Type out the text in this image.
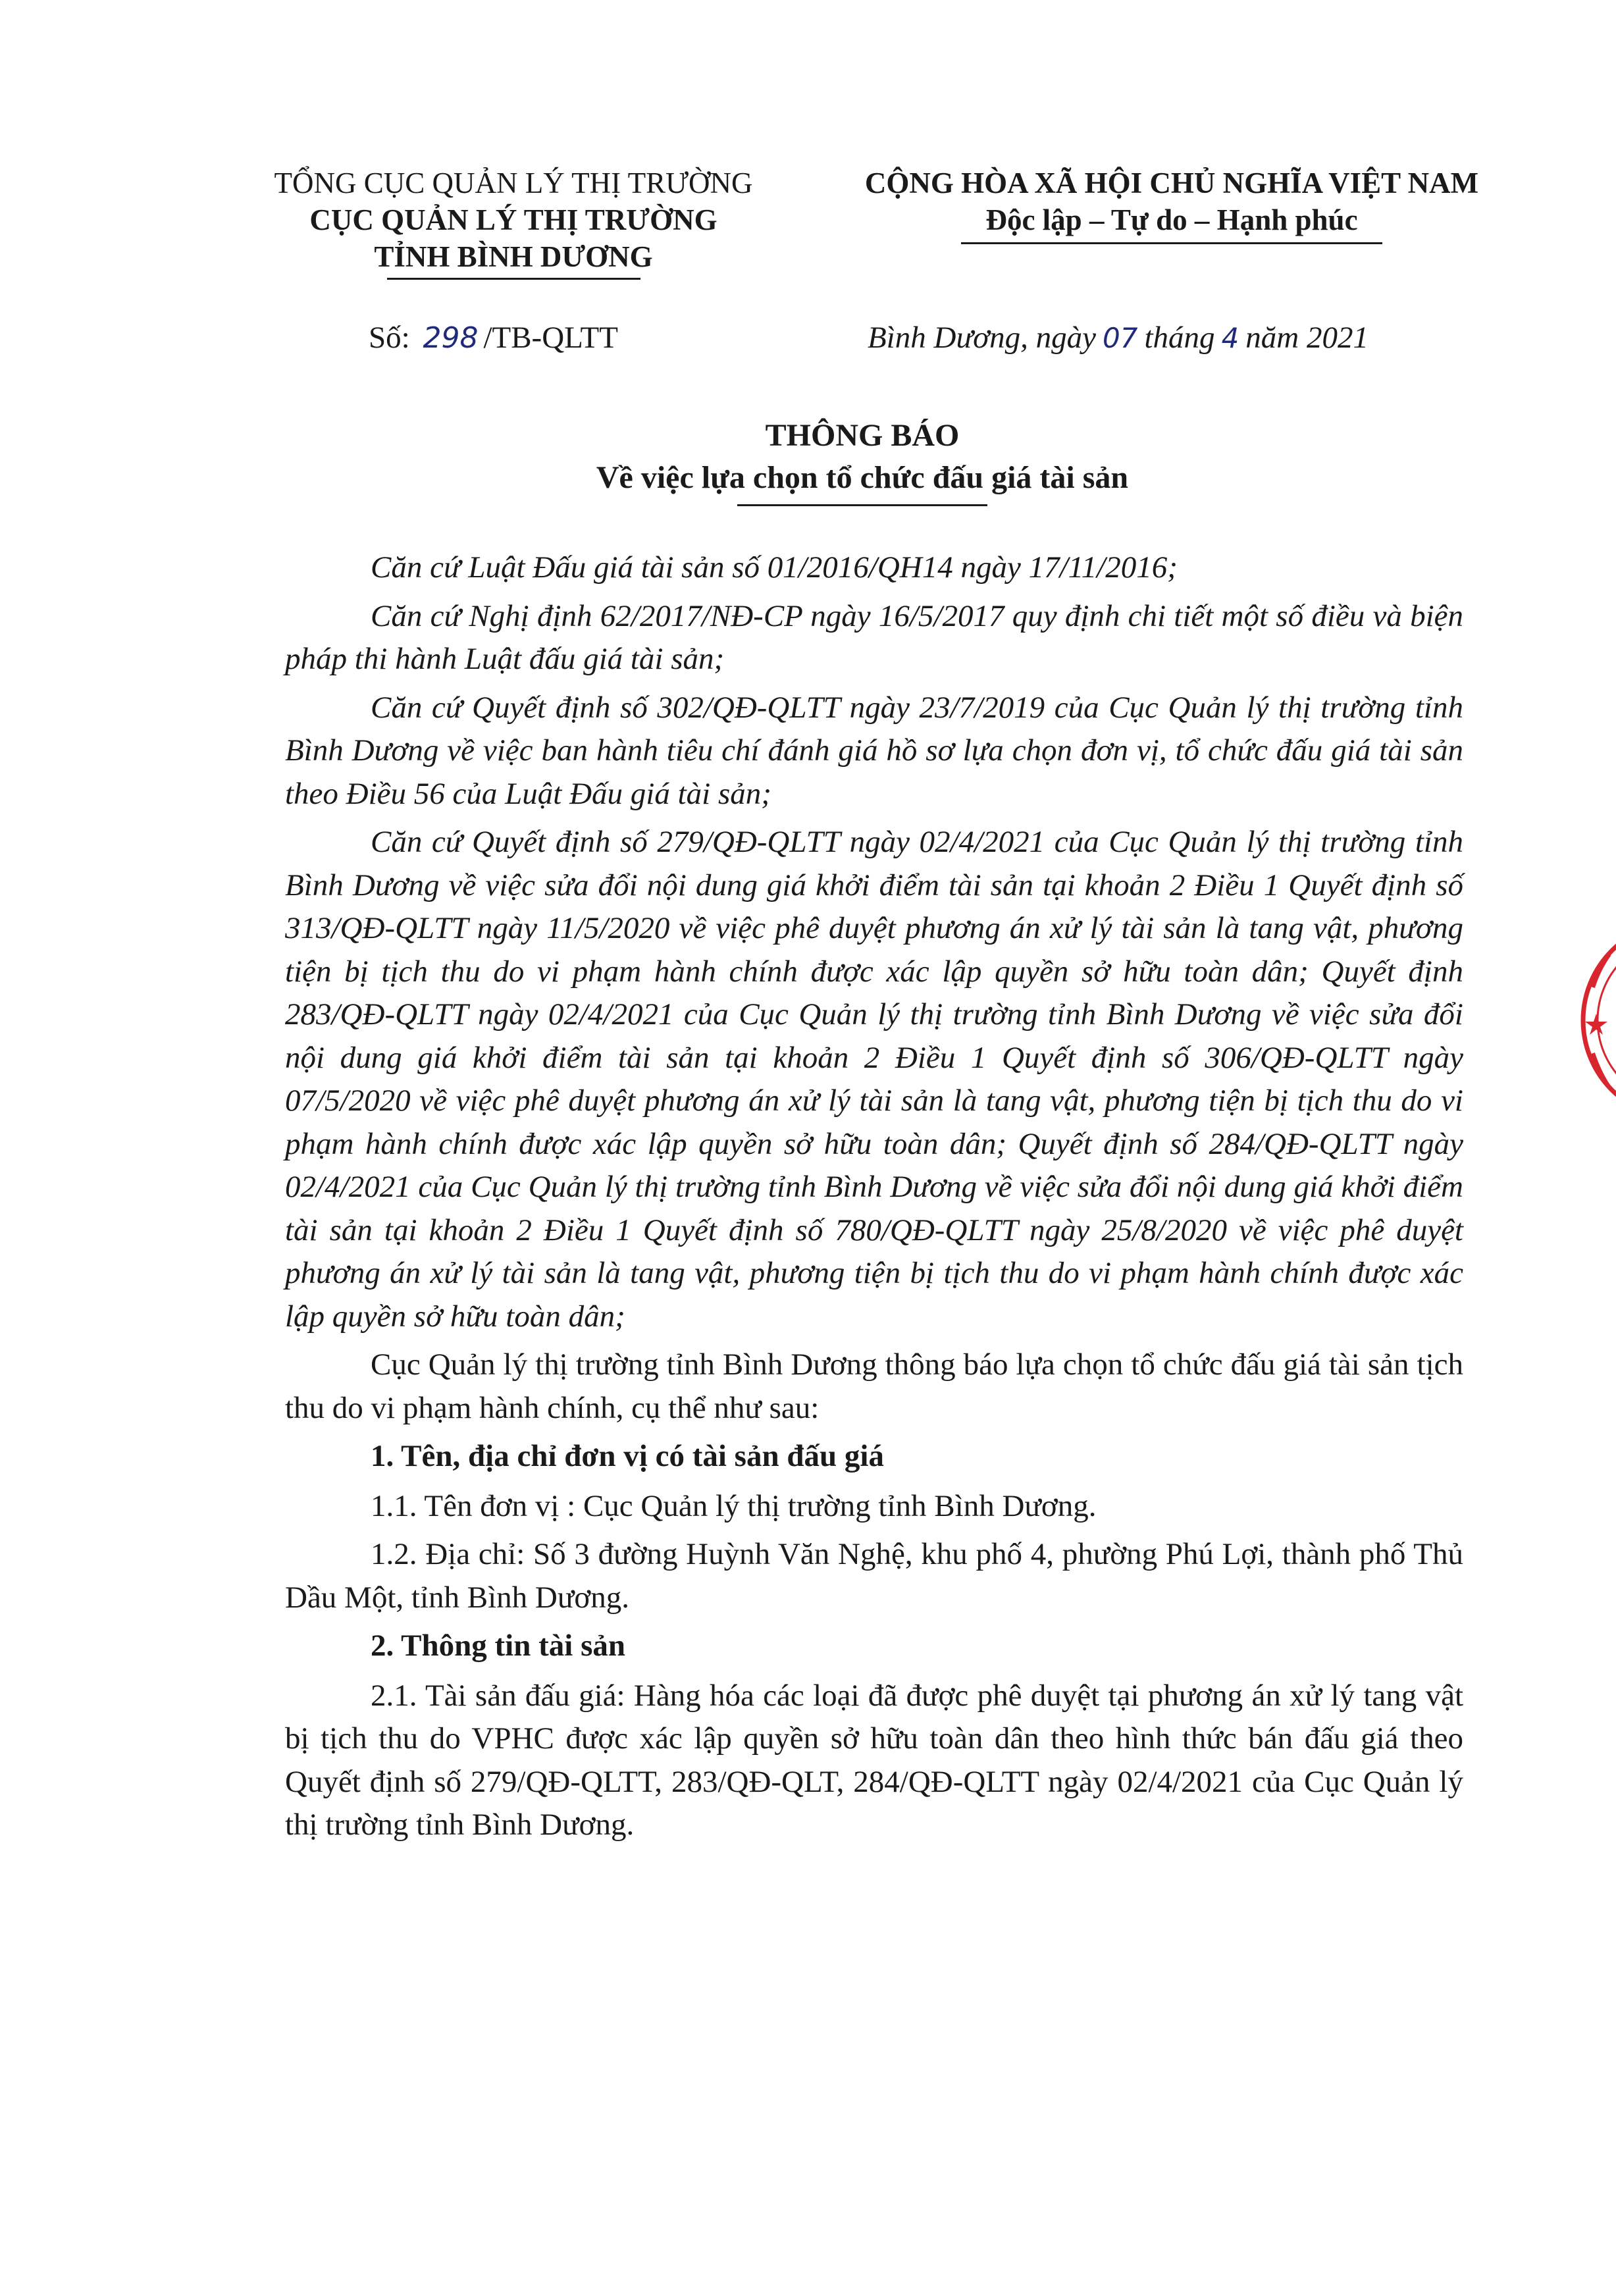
TỔNG CỤC QUẢN LÝ THỊ TRƯỜNG
CỤC QUẢN LÝ THỊ TRƯỜNG
TỈNH BÌNH DƯƠNG
CỘNG HÒA XÃ HỘI CHỦ NGHĨA VIỆT NAM
Độc lập – Tự do – Hạnh phúc
Số: 298 /TB-QLTT	Bình Dương, ngày 07 tháng 4 năm 2021
THÔNG BÁO
Về việc lựa chọn tổ chức đấu giá tài sản

Căn cứ Luật Đấu giá tài sản số 01/2016/QH14 ngày 17/11/2016;

Căn cứ Nghị định 62/2017/NĐ-CP ngày 16/5/2017 quy định chi tiết một số điều và biện pháp thi hành Luật đấu giá tài sản;

Căn cứ Quyết định số 302/QĐ-QLTT ngày 23/7/2019 của Cục Quản lý thị trường tỉnh Bình Dương về việc ban hành tiêu chí đánh giá hồ sơ lựa chọn đơn vị, tổ chức đấu giá tài sản theo Điều 56 của Luật Đấu giá tài sản;

Căn cứ Quyết định số 279/QĐ-QLTT ngày 02/4/2021 của Cục Quản lý thị trường tỉnh Bình Dương về việc sửa đổi nội dung giá khởi điểm tài sản tại khoản 2 Điều 1 Quyết định số 313/QĐ-QLTT ngày 11/5/2020 về việc phê duyệt phương án xử lý tài sản là tang vật, phương tiện bị tịch thu do vi phạm hành chính được xác lập quyền sở hữu toàn dân; Quyết định 283/QĐ-QLTT ngày 02/4/2021 của Cục Quản lý thị trường tỉnh Bình Dương về việc sửa đổi nội dung giá khởi điểm tài sản tại khoản 2 Điều 1 Quyết định số 306/QĐ-QLTT ngày 07/5/2020 về việc phê duyệt phương án xử lý tài sản là tang vật, phương tiện bị tịch thu do vi phạm hành chính được xác lập quyền sở hữu toàn dân; Quyết định số 284/QĐ-QLTT ngày 02/4/2021 của Cục Quản lý thị trường tỉnh Bình Dương về việc sửa đổi nội dung giá khởi điểm tài sản tại khoản 2 Điều 1 Quyết định số 780/QĐ-QLTT ngày 25/8/2020 về việc phê duyệt phương án xử lý tài sản là tang vật, phương tiện bị tịch thu do vi phạm hành chính được xác lập quyền sở hữu toàn dân;

Cục Quản lý thị trường tỉnh Bình Dương thông báo lựa chọn tổ chức đấu giá tài sản tịch thu do vi phạm hành chính, cụ thể như sau:

1. Tên, địa chỉ đơn vị có tài sản đấu giá

1.1. Tên đơn vị : Cục Quản lý thị trường tỉnh Bình Dương.

1.2. Địa chỉ: Số 3 đường Huỳnh Văn Nghệ, khu phố 4, phường Phú Lợi, thành phố Thủ Dầu Một, tỉnh Bình Dương.

2. Thông tin tài sản

2.1. Tài sản đấu giá: Hàng hóa các loại đã được phê duyệt tại phương án xử lý tang vật bị tịch thu do VPHC được xác lập quyền sở hữu toàn dân theo hình thức bán đấu giá theo Quyết định số 279/QĐ-QLTT, 283/QĐ-QLT, 284/QĐ-QLTT ngày 02/4/2021 của Cục Quản lý thị trường tỉnh Bình Dương.
